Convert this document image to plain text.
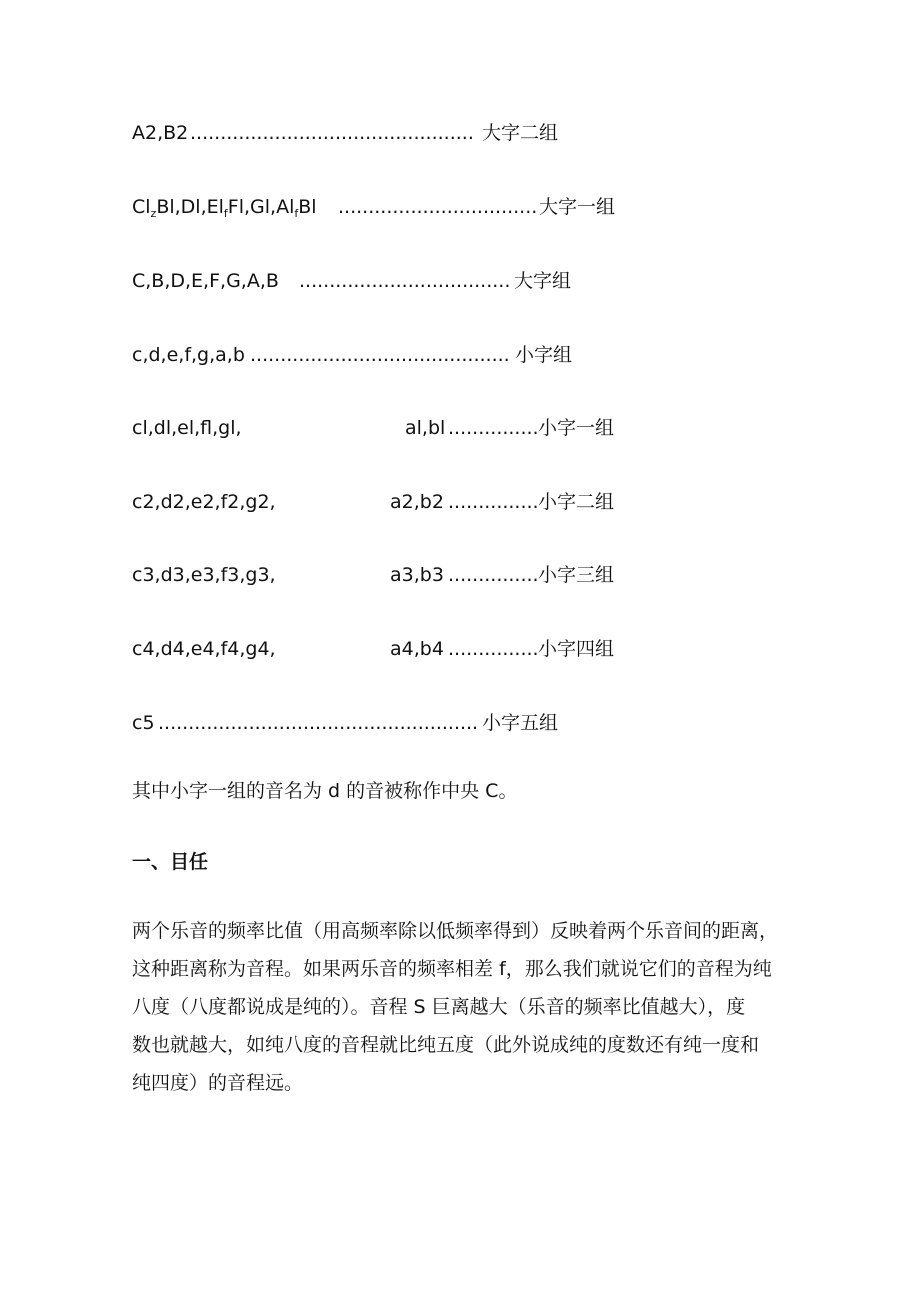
A2,B2 ............................................... 大字二组
$Cl_zBl,Dl,El_fFl,Gl,Al_fBl$ ................................. 大字一组
C,B,D,E,F,G,A,B ................................... 大字组
c,d,e,f,g,a,b ........................................... 小字组
cl,dl,el,fl,gl,	al,bl ............... 小字一组
c2,d2,e2,f2,g2,	a2,b2 ............... 小字二组
c3,d3,e3,f3,g3,	a3,b3 ............... 小字三组
c4,d4,e4,f4,g4,	a4,b4 ............... 小字四组
c5 ..................................................... 小字五组
其中小字一组的音名为 d 的音被称作中央 C。
一、目任
两个乐音的频率比值（用高频率除以低频率得到）反映着两个乐音间的距离，
这种距离称为音程。如果两乐音的频率相差 f，那么我们就说它们的音程为纯
八度（八度都说成是纯的）。音程 S 巨离越大（乐音的频率比值越大），度
数也就越大，如纯八度的音程就比纯五度（此外说成纯的度数还有纯一度和
纯四度）的音程远。
